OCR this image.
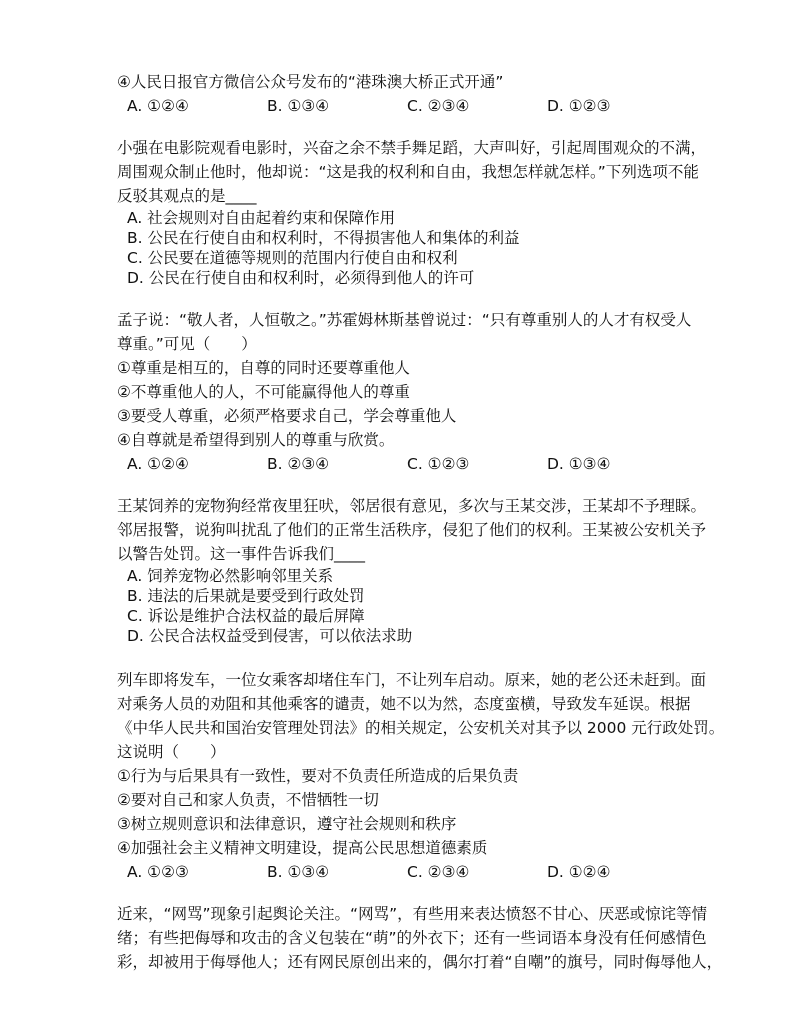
④人民日报官方微信公众号发布的“港珠澳大桥正式开通”
A. ①②④	B. ①③④	C. ②③④	D. ①②③
小强在电影院观看电影时，兴奋之余不禁手舞足蹈，大声叫好，引起周围观众的不满，
周围观众制止他时，他却说：“这是我的权利和自由，我想怎样就怎样。”下列选项不能
反驳其观点的是____
A. 社会规则对自由起着约束和保障作用
B. 公民在行使自由和权利时，不得损害他人和集体的利益
C. 公民要在道德等规则的范围内行使自由和权利
D. 公民在行使自由和权利时，必须得到他人的许可
孟子说：“敬人者，人恒敬之。”苏霍姆林斯基曾说过：“只有尊重别人的人才有权受人
尊重。”可见（　　）
①尊重是相互的，自尊的同时还要尊重他人
②不尊重他人的人，不可能赢得他人的尊重
③要受人尊重，必须严格要求自己，学会尊重他人
④自尊就是希望得到别人的尊重与欣赏。
A. ①②④	B. ②③④	C. ①②③	D. ①③④
王某饲养的宠物狗经常夜里狂吠，邻居很有意见，多次与王某交涉，王某却不予理睬。
邻居报警，说狗叫扰乱了他们的正常生活秩序，侵犯了他们的权利。王某被公安机关予
以警告处罚。这一事件告诉我们____
A. 饲养宠物必然影响邻里关系
B. 违法的后果就是要受到行政处罚
C. 诉讼是维护合法权益的最后屏障
D. 公民合法权益受到侵害，可以依法求助
列车即将发车，一位女乘客却堵住车门，不让列车启动。原来，她的老公还未赶到。面
对乘务人员的劝阻和其他乘客的谴责，她不以为然，态度蛮横，导致发车延误。根据
《中华人民共和国治安管理处罚法》的相关规定，公安机关对其予以 2000 元行政处罚。
这说明（　　）
①行为与后果具有一致性，要对不负责任所造成的后果负责
②要对自己和家人负责，不惜牺牲一切
③树立规则意识和法律意识，遵守社会规则和秩序
④加强社会主义精神文明建设，提高公民思想道德素质
A. ①②③	B. ①③④	C. ②③④	D. ①②④
近来，“网骂”现象引起舆论关注。“网骂”，有些用来表达愤怒不甘心、厌恶或惊诧等情
绪；有些把侮辱和攻击的含义包装在“萌”的外衣下；还有一些词语本身没有任何感情色
彩，却被用于侮辱他人；还有网民原创出来的，偶尔打着“自嘲”的旗号，同时侮辱他人，
